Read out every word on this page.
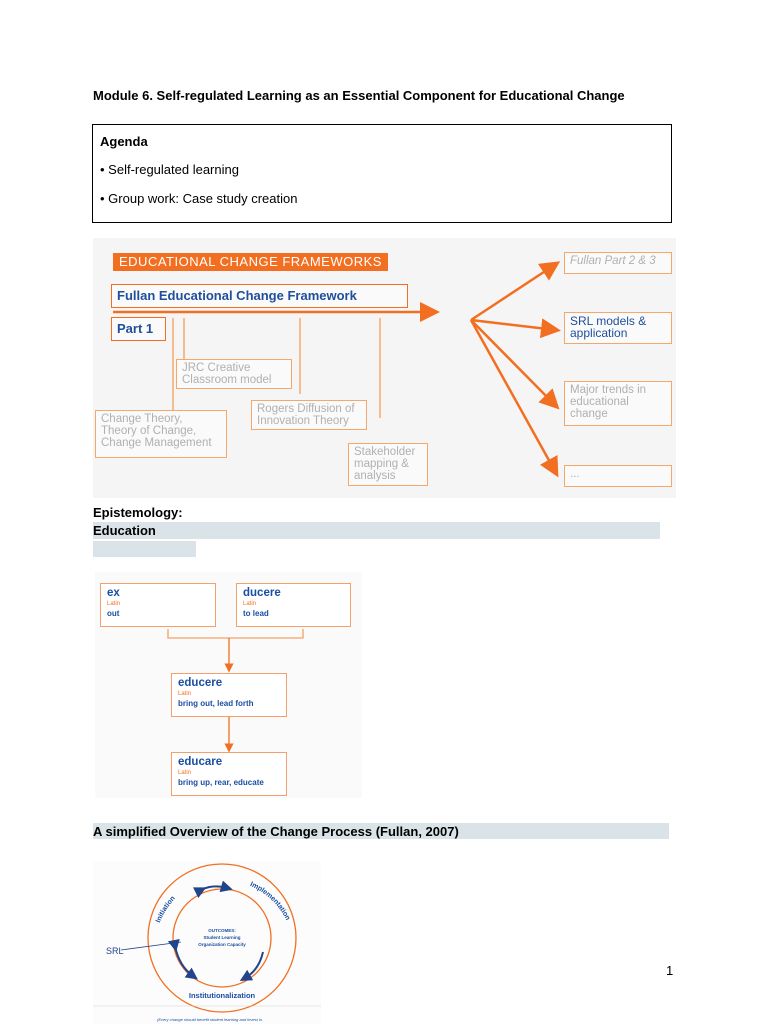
Module 6. Self-regulated Learning as an Essential Component for Educational Change
Agenda
• Self-regulated learning
• Group work: Case study creation
EDUCATIONAL CHANGE FRAMEWORKS
Fullan Educational Change Framework
Part 1
JRC Creative Classroom model
Change Theory, Theory of Change, Change Management
Rogers Diffusion of Innovation Theory
Stakeholder mapping & analysis
Fullan Part 2 & 3
SRL models & application
Major trends in educational change
...
Epistemology:
Education
ex
Latin
out
ducere
Latin
to lead
educere
Latin
bring out, lead forth
educare
Latin
bring up, rear, educate
A simplified Overview of the Change Process (Fullan, 2007)
Initiation
Implementation
Institutionalization
OUTCOMES:
Student Learning
Organization Capacity
SRL
(Every change should benefit student learning and invest in
1
